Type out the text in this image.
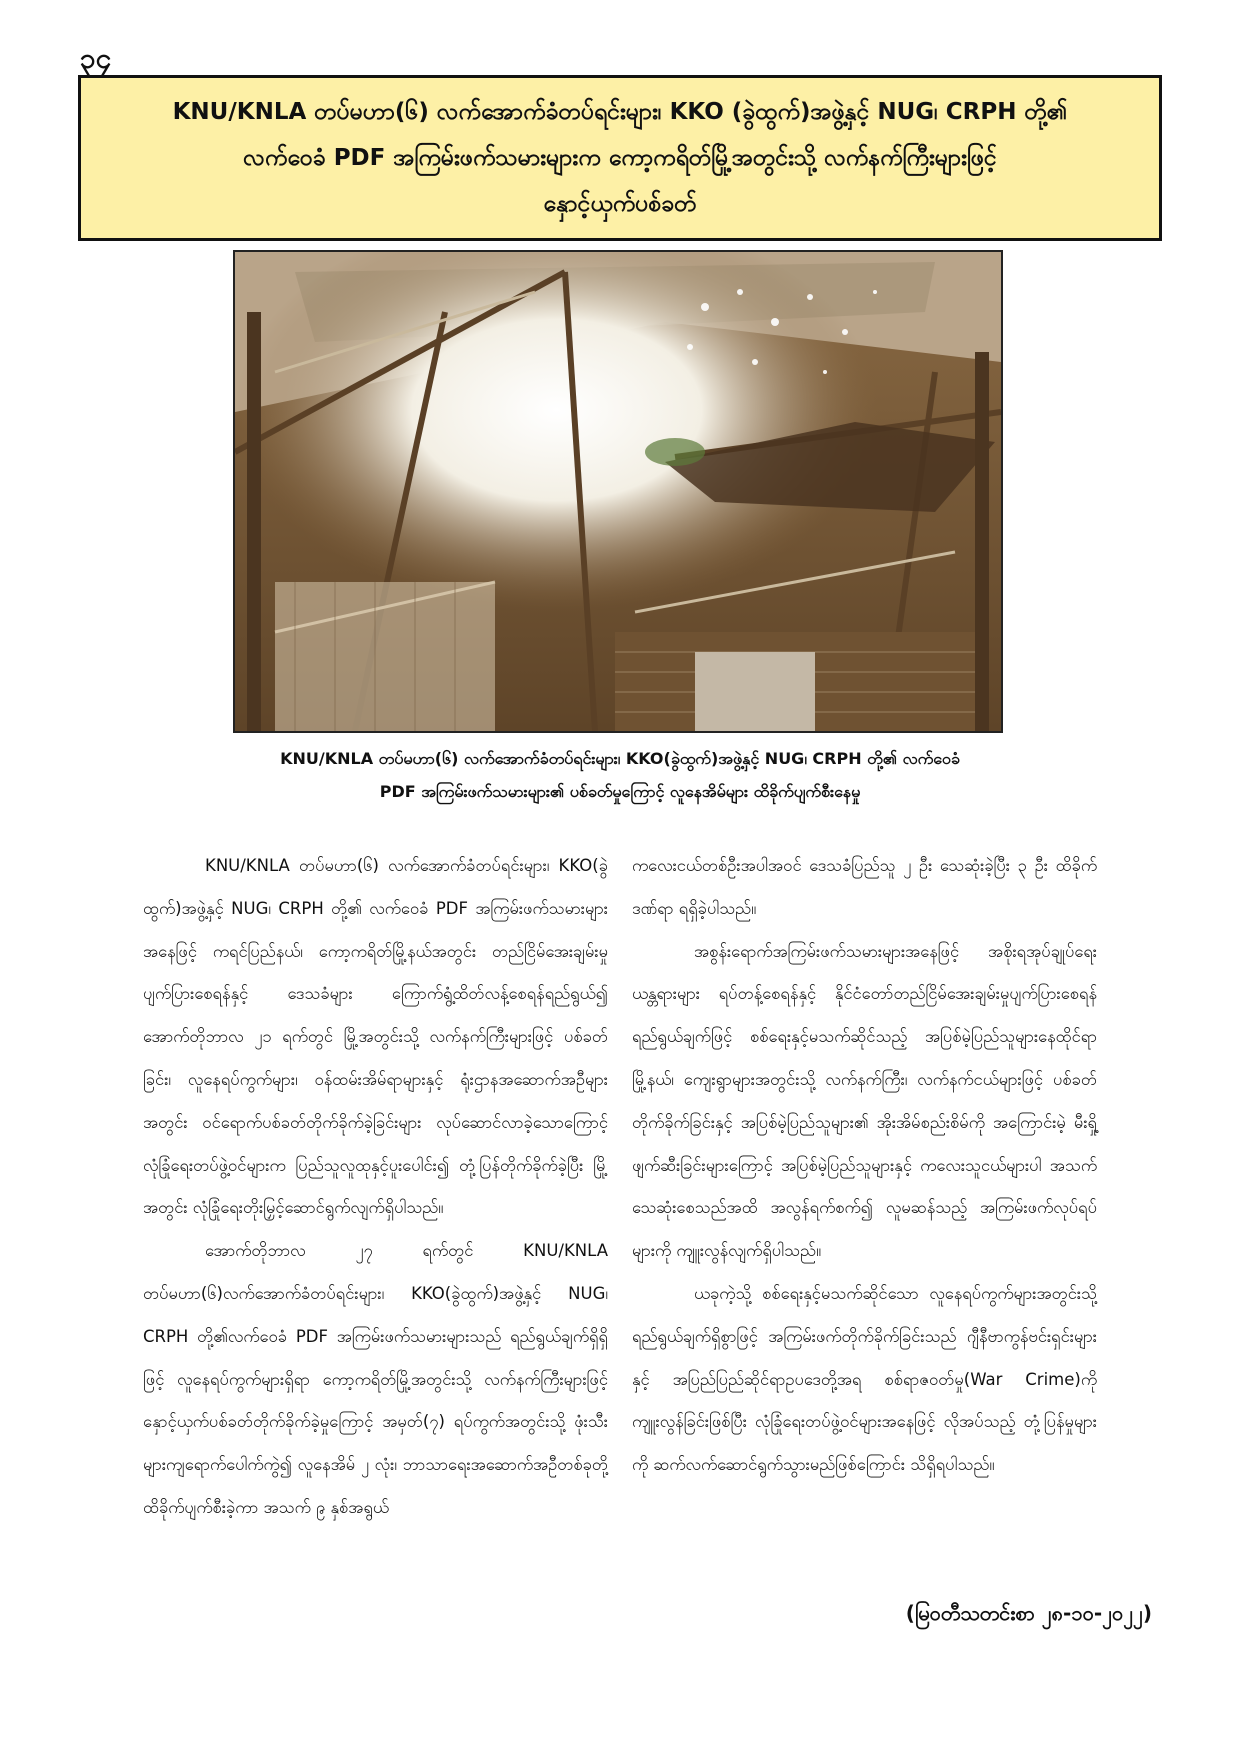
၃၄
KNU/KNLA တပ်မဟာ(၆) လက်အောက်ခံတပ်ရင်းများ၊ KKO (ခွဲထွက်)အဖွဲ့နှင့် NUG၊ CRPH တို့၏
လက်ဝေခံ PDF အကြမ်းဖက်သမားများက ကော့ကရိတ်မြို့အတွင်းသို့ လက်နက်ကြီးများဖြင့်
နှောင့်ယှက်ပစ်ခတ်
KNU/KNLA တပ်မဟာ(၆) လက်အောက်ခံတပ်ရင်းများ၊ KKO(ခွဲထွက်)အဖွဲ့နှင့် NUG၊ CRPH တို့၏ လက်ဝေခံ
PDF အကြမ်းဖက်သမားများ၏ ပစ်ခတ်မှုကြောင့် လူနေအိမ်များ ထိခိုက်ပျက်စီးနေမှု

KNU/KNLA တပ်မဟာ(၆) လက်အောက်ခံတပ်ရင်းများ၊ KKO(ခွဲထွက်)အဖွဲ့နှင့် NUG၊ CRPH တို့၏ လက်ဝေခံ PDF အကြမ်းဖက်သမားများအနေဖြင့် ကရင်ပြည်နယ်၊ ကော့ကရိတ်မြို့နယ်အတွင်း တည်ငြိမ်အေးချမ်းမှုပျက်ပြားစေရန်နှင့် ဒေသခံများ ကြောက်ရွံ့ထိတ်လန့်စေရန်ရည်ရွယ်၍ အောက်တိုဘာလ ၂၁ ရက်တွင် မြို့အတွင်းသို့ လက်နက်ကြီးများဖြင့် ပစ်ခတ်ခြင်း၊ လူနေရပ်ကွက်များ၊ ဝန်ထမ်းအိမ်ရာများနှင့် ရုံးဌာနအဆောက်အဦများအတွင်း ဝင်ရောက်ပစ်ခတ်တိုက်ခိုက်ခဲ့ခြင်းများ လုပ်ဆောင်လာခဲ့သောကြောင့် လုံခြုံရေးတပ်ဖွဲ့ဝင်များက ပြည်သူလူထုနှင့်ပူးပေါင်း၍ တုံ့ပြန်တိုက်ခိုက်ခဲ့ပြီး မြို့အတွင်း လုံခြုံရေးတိုးမြှင့်ဆောင်ရွက်လျက်ရှိပါသည်။

အောက်တိုဘာလ ၂၇ ရက်တွင် KNU/KNLA တပ်မဟာ(၆)လက်အောက်ခံတပ်ရင်းများ၊ KKO(ခွဲထွက်)အဖွဲ့နှင့် NUG၊ CRPH တို့၏လက်ဝေခံ PDF အကြမ်းဖက်သမားများသည် ရည်ရွယ်ချက်ရှိရှိဖြင့် လူနေရပ်ကွက်များရှိရာ ကော့ကရိတ်မြို့အတွင်းသို့ လက်နက်ကြီးများဖြင့် နှောင့်ယှက်ပစ်ခတ်တိုက်ခိုက်ခဲ့မှုကြောင့် အမှတ်(၇) ရပ်ကွက်အတွင်းသို့ ဖုံးသီးများကျရောက်ပေါက်ကွဲ၍ လူနေအိမ် ၂ လုံး၊ ဘာသာရေးအဆောက်အဦတစ်ခုတို့ ထိခိုက်ပျက်စီးခဲ့ကာ အသက် ၉ နှစ်အရွယ်

ကလေးငယ်တစ်ဦးအပါအဝင် ဒေသခံပြည်သူ ၂ ဦး သေဆုံးခဲ့ပြီး ၃ ဦး ထိခိုက်ဒဏ်ရာ ရရှိခဲ့ပါသည်။

အစွန်းရောက်အကြမ်းဖက်သမားများအနေဖြင့် အစိုးရအုပ်ချုပ်ရေးယန္တရားများ ရပ်တန့်စေရန်နှင့် နိုင်ငံတော်တည်ငြိမ်အေးချမ်းမှုပျက်ပြားစေရန် ရည်ရွယ်ချက်ဖြင့် စစ်ရေးနှင့်မသက်ဆိုင်သည့် အပြစ်မဲ့ပြည်သူများနေထိုင်ရာ မြို့နယ်၊ ကျေးရွာများအတွင်းသို့ လက်နက်ကြီး၊ လက်နက်ငယ်များဖြင့် ပစ်ခတ်တိုက်ခိုက်ခြင်းနှင့် အပြစ်မဲ့ပြည်သူများ၏ အိုးအိမ်စည်းစိမ်ကို အကြောင်းမဲ့ မီးရှို့ဖျက်ဆီးခြင်းများကြောင့် အပြစ်မဲ့ပြည်သူများနှင့် ကလေးသူငယ်များပါ အသက်သေဆုံးစေသည်အထိ အလွန်ရက်စက်၍ လူမဆန်သည့် အကြမ်းဖက်လုပ်ရပ်များကို ကျူးလွန်လျက်ရှိပါသည်။

ယခုကဲ့သို့ စစ်ရေးနှင့်မသက်ဆိုင်သော လူနေရပ်ကွက်များအတွင်းသို့ ရည်ရွယ်ချက်ရှိစွာဖြင့် အကြမ်းဖက်တိုက်ခိုက်ခြင်းသည် ဂျီနီဗာကွန်ဗင်းရှင်းများနှင့် အပြည်ပြည်ဆိုင်ရာဥပဒေတို့အရ စစ်ရာဇဝတ်မှု(War Crime)ကို ကျူးလွန်ခြင်းဖြစ်ပြီး လုံခြုံရေးတပ်ဖွဲ့ဝင်များအနေဖြင့် လိုအပ်သည့် တုံ့ပြန်မှုများကို ဆက်လက်ဆောင်ရွက်သွားမည်ဖြစ်ကြောင်း သိရှိရပါသည်။

(မြဝတီသတင်းစာ ၂၈-၁၀-၂၀၂၂)
